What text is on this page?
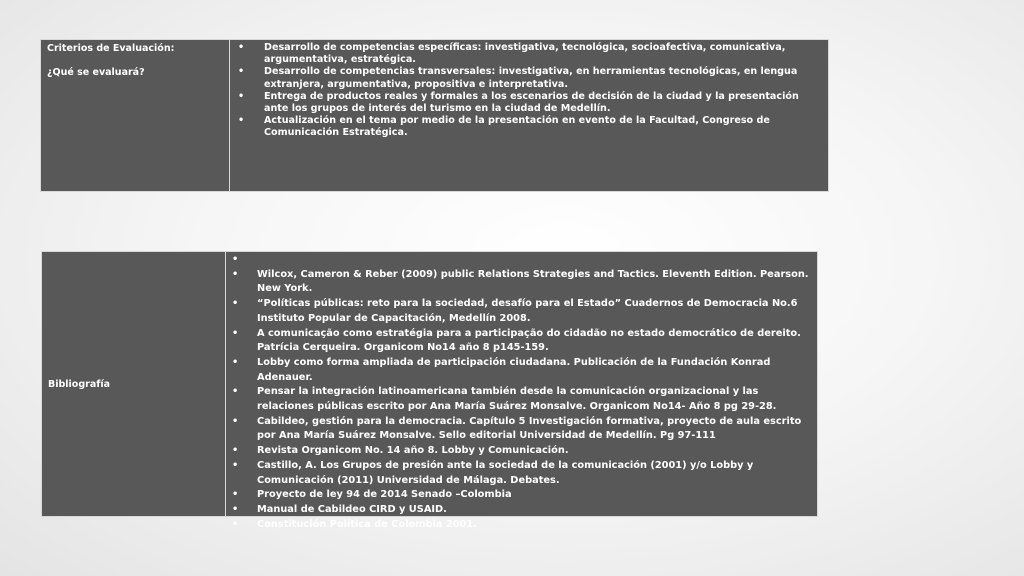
Criterios de Evaluación:
¿Qué se evaluará?
• Desarrollo de competencias específicas: investigativa, tecnológica, socioafectiva, comunicativa, argumentativa, estratégica.
• Desarrollo de competencias transversales: investigativa, en herramientas tecnológicas, en lengua extranjera, argumentativa, propositiva e interpretativa.
• Entrega de productos reales y formales a los escenarios de decisión de la ciudad y la presentación ante los grupos de interés del turismo en la ciudad de Medellín.
• Actualización en el tema por medio de la presentación en evento de la Facultad, Congreso de Comunicación Estratégica.
Bibliografía
•
• Wilcox, Cameron & Reber (2009) public Relations Strategies and Tactics. Eleventh Edition. Pearson. New York.
• “Políticas públicas: reto para la sociedad, desafío para el Estado” Cuadernos de Democracia No.6 Instituto Popular de Capacitación, Medellín 2008.
• A comunicação como estratégia para a participação do cidadão no estado democrático de dereito. Patrícia Cerqueira. Organicom No14 año 8 p145-159.
• Lobby como forma ampliada de participación ciudadana. Publicación de la Fundación Konrad Adenauer.
• Pensar la integración latinoamericana también desde la comunicación organizacional y las relaciones públicas escrito por Ana María Suárez Monsalve. Organicom No14- Año 8 pg 29-28.
• Cabildeo, gestión para la democracia. Capítulo 5 Investigación formativa, proyecto de aula escrito por Ana María Suárez Monsalve. Sello editorial Universidad de Medellín. Pg 97-111
• Revista Organicom No. 14 año 8. Lobby y Comunicación.
• Castillo, A. Los Grupos de presión ante la sociedad de la comunicación (2001) y/o Lobby y Comunicación (2011) Universidad de Málaga. Debates.
• Proyecto de ley 94 de 2014 Senado –Colombia
• Manual de Cabildeo CIRD y USAID.
• Constitución Política de Colombia 2001.
